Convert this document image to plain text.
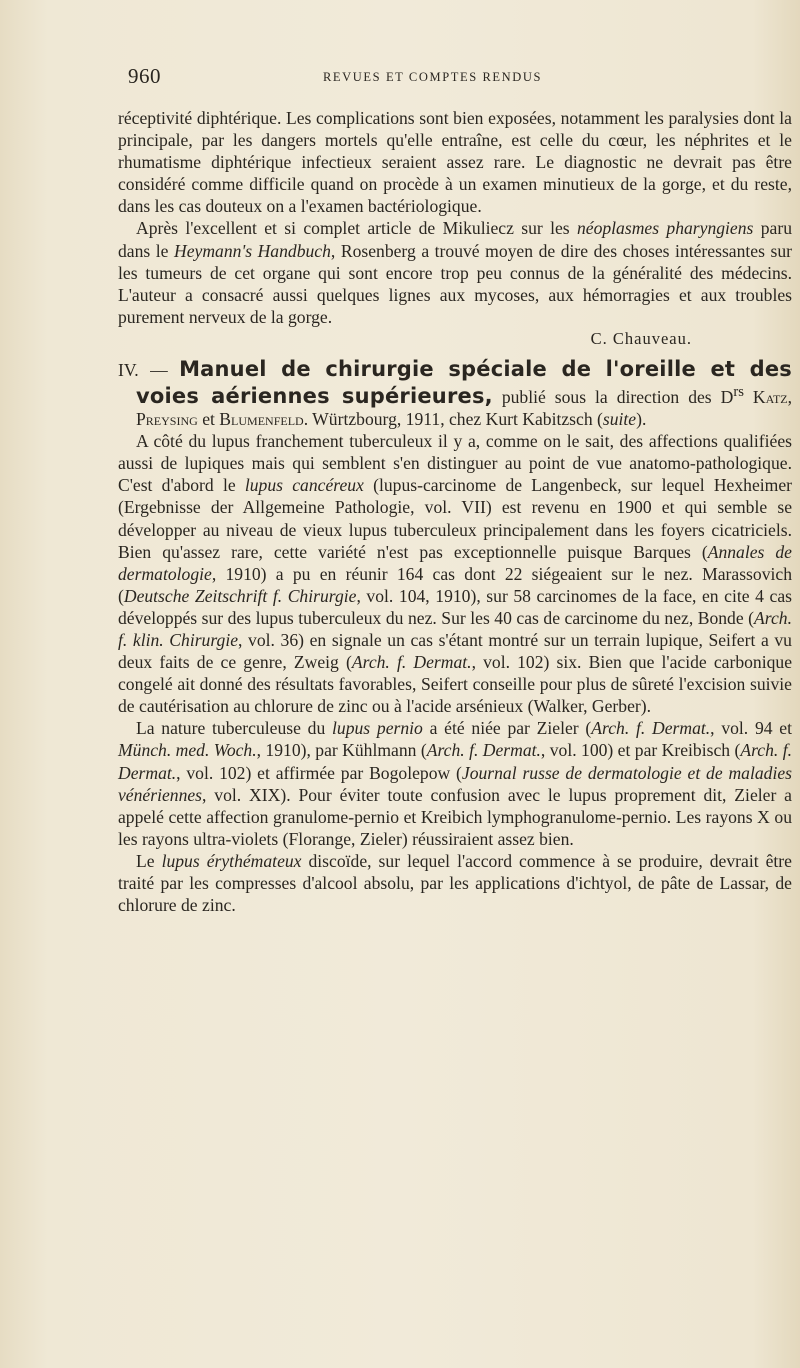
960	REVUES ET COMPTES RENDUS

réceptivité diphtérique. Les complications sont bien exposées, notamment les paralysies dont la principale, par les dangers mortels qu'elle entraîne, est celle du cœur, les néphrites et le rhumatisme diphtérique infectieux seraient assez rare. Le diagnostic ne devrait pas être considéré comme difficile quand on procède à un examen minutieux de la gorge, et du reste, dans les cas douteux on a l'examen bactériologique.

Après l'excellent et si complet article de Mikuliecz sur les néoplasmes pharyngiens paru dans le Heymann's Handbuch, Rosenberg a trouvé moyen de dire des choses intéressantes sur les tumeurs de cet organe qui sont encore trop peu connus de la généralité des médecins. L'auteur a consacré aussi quelques lignes aux mycoses, aux hémorragies et aux troubles purement nerveux de la gorge.

C. Chauveau.

IV. — Manuel de chirurgie spéciale de l'oreille et des voies aériennes supérieures, publié sous la direction des $D^{rs}$ Katz, Preysing et Blumenfeld. Würtzbourg, 1911, chez Kurt Kabitzsch (suite).

A côté du lupus franchement tuberculeux il y a, comme on le sait, des affections qualifiées aussi de lupiques mais qui semblent s'en distinguer au point de vue anatomo-pathologique. C'est d'abord le lupus cancéreux (lupus-carcinome de Langenbeck, sur lequel Hexheimer (Ergebnisse der Allgemeine Pathologie, vol. VII) est revenu en 1900 et qui semble se développer au niveau de vieux lupus tuberculeux principalement dans les foyers cicatriciels. Bien qu'assez rare, cette variété n'est pas exceptionnelle puisque Barques (Annales de dermatologie, 1910) a pu en réunir 164 cas dont 22 siégeaient sur le nez. Marassovich (Deutsche Zeitschrift f. Chirurgie, vol. 104, 1910), sur 58 carcinomes de la face, en cite 4 cas développés sur des lupus tuberculeux du nez. Sur les 40 cas de carcinome du nez, Bonde (Arch. f. klin. Chirurgie, vol. 36) en signale un cas s'étant montré sur un terrain lupique, Seifert a vu deux faits de ce genre, Zweig (Arch. f. Dermat., vol. 102) six. Bien que l'acide carbonique congelé ait donné des résultats favorables, Seifert conseille pour plus de sûreté l'excision suivie de cautérisation au chlorure de zinc ou à l'acide arsénieux (Walker, Gerber).

La nature tuberculeuse du lupus pernio a été niée par Zieler (Arch. f. Dermat., vol. 94 et Münch. med. Woch., 1910), par Kühlmann (Arch. f. Dermat., vol. 100) et par Kreibisch (Arch. f. Dermat., vol. 102) et affirmée par Bogolepow (Journal russe de dermatologie et de maladies vénériennes, vol. XIX). Pour éviter toute confusion avec le lupus proprement dit, Zieler a appelé cette affection granulome-pernio et Kreibich lymphogranulome-pernio. Les rayons X ou les rayons ultra-violets (Florange, Zieler) réussiraient assez bien.

Le lupus érythémateux discoïde, sur lequel l'accord commence à se produire, devrait être traité par les compresses d'alcool absolu, par les applications d'ichtyol, de pâte de Lassar, de chlorure de zinc.
